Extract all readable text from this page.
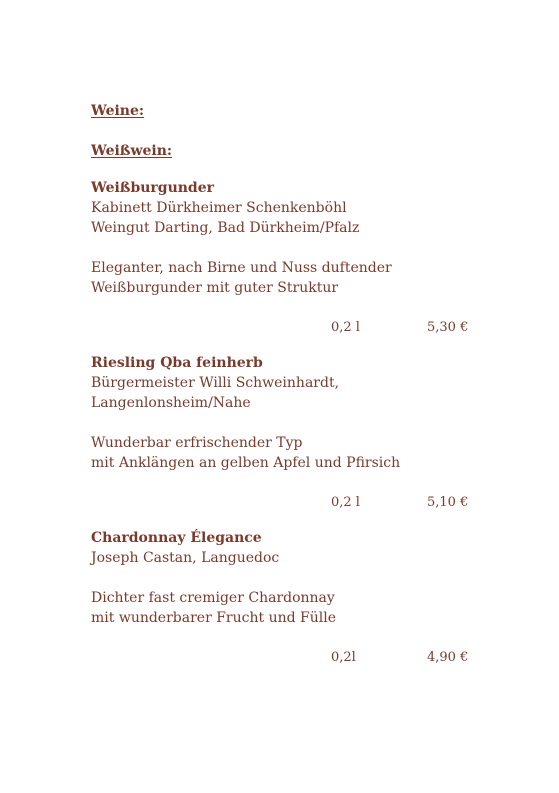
Weine:
Weißwein:
Weißburgunder
Kabinett Dürkheimer Schenkenböhl
Weingut Darting, Bad Dürkheim/Pfalz
Eleganter, nach Birne und Nuss duftender
Weißburgunder mit guter Struktur
0,2 l	5,30 €
Riesling Qba feinherb
Bürgermeister Willi Schweinhardt,
Langenlonsheim/Nahe
Wunderbar erfrischender Typ
mit Anklängen an gelben Apfel und Pfirsich
0,2 l	5,10 €
Chardonnay Élegance
Joseph Castan, Languedoc
Dichter fast cremiger Chardonnay
mit wunderbarer Frucht und Fülle
0,2l	4,90 €
